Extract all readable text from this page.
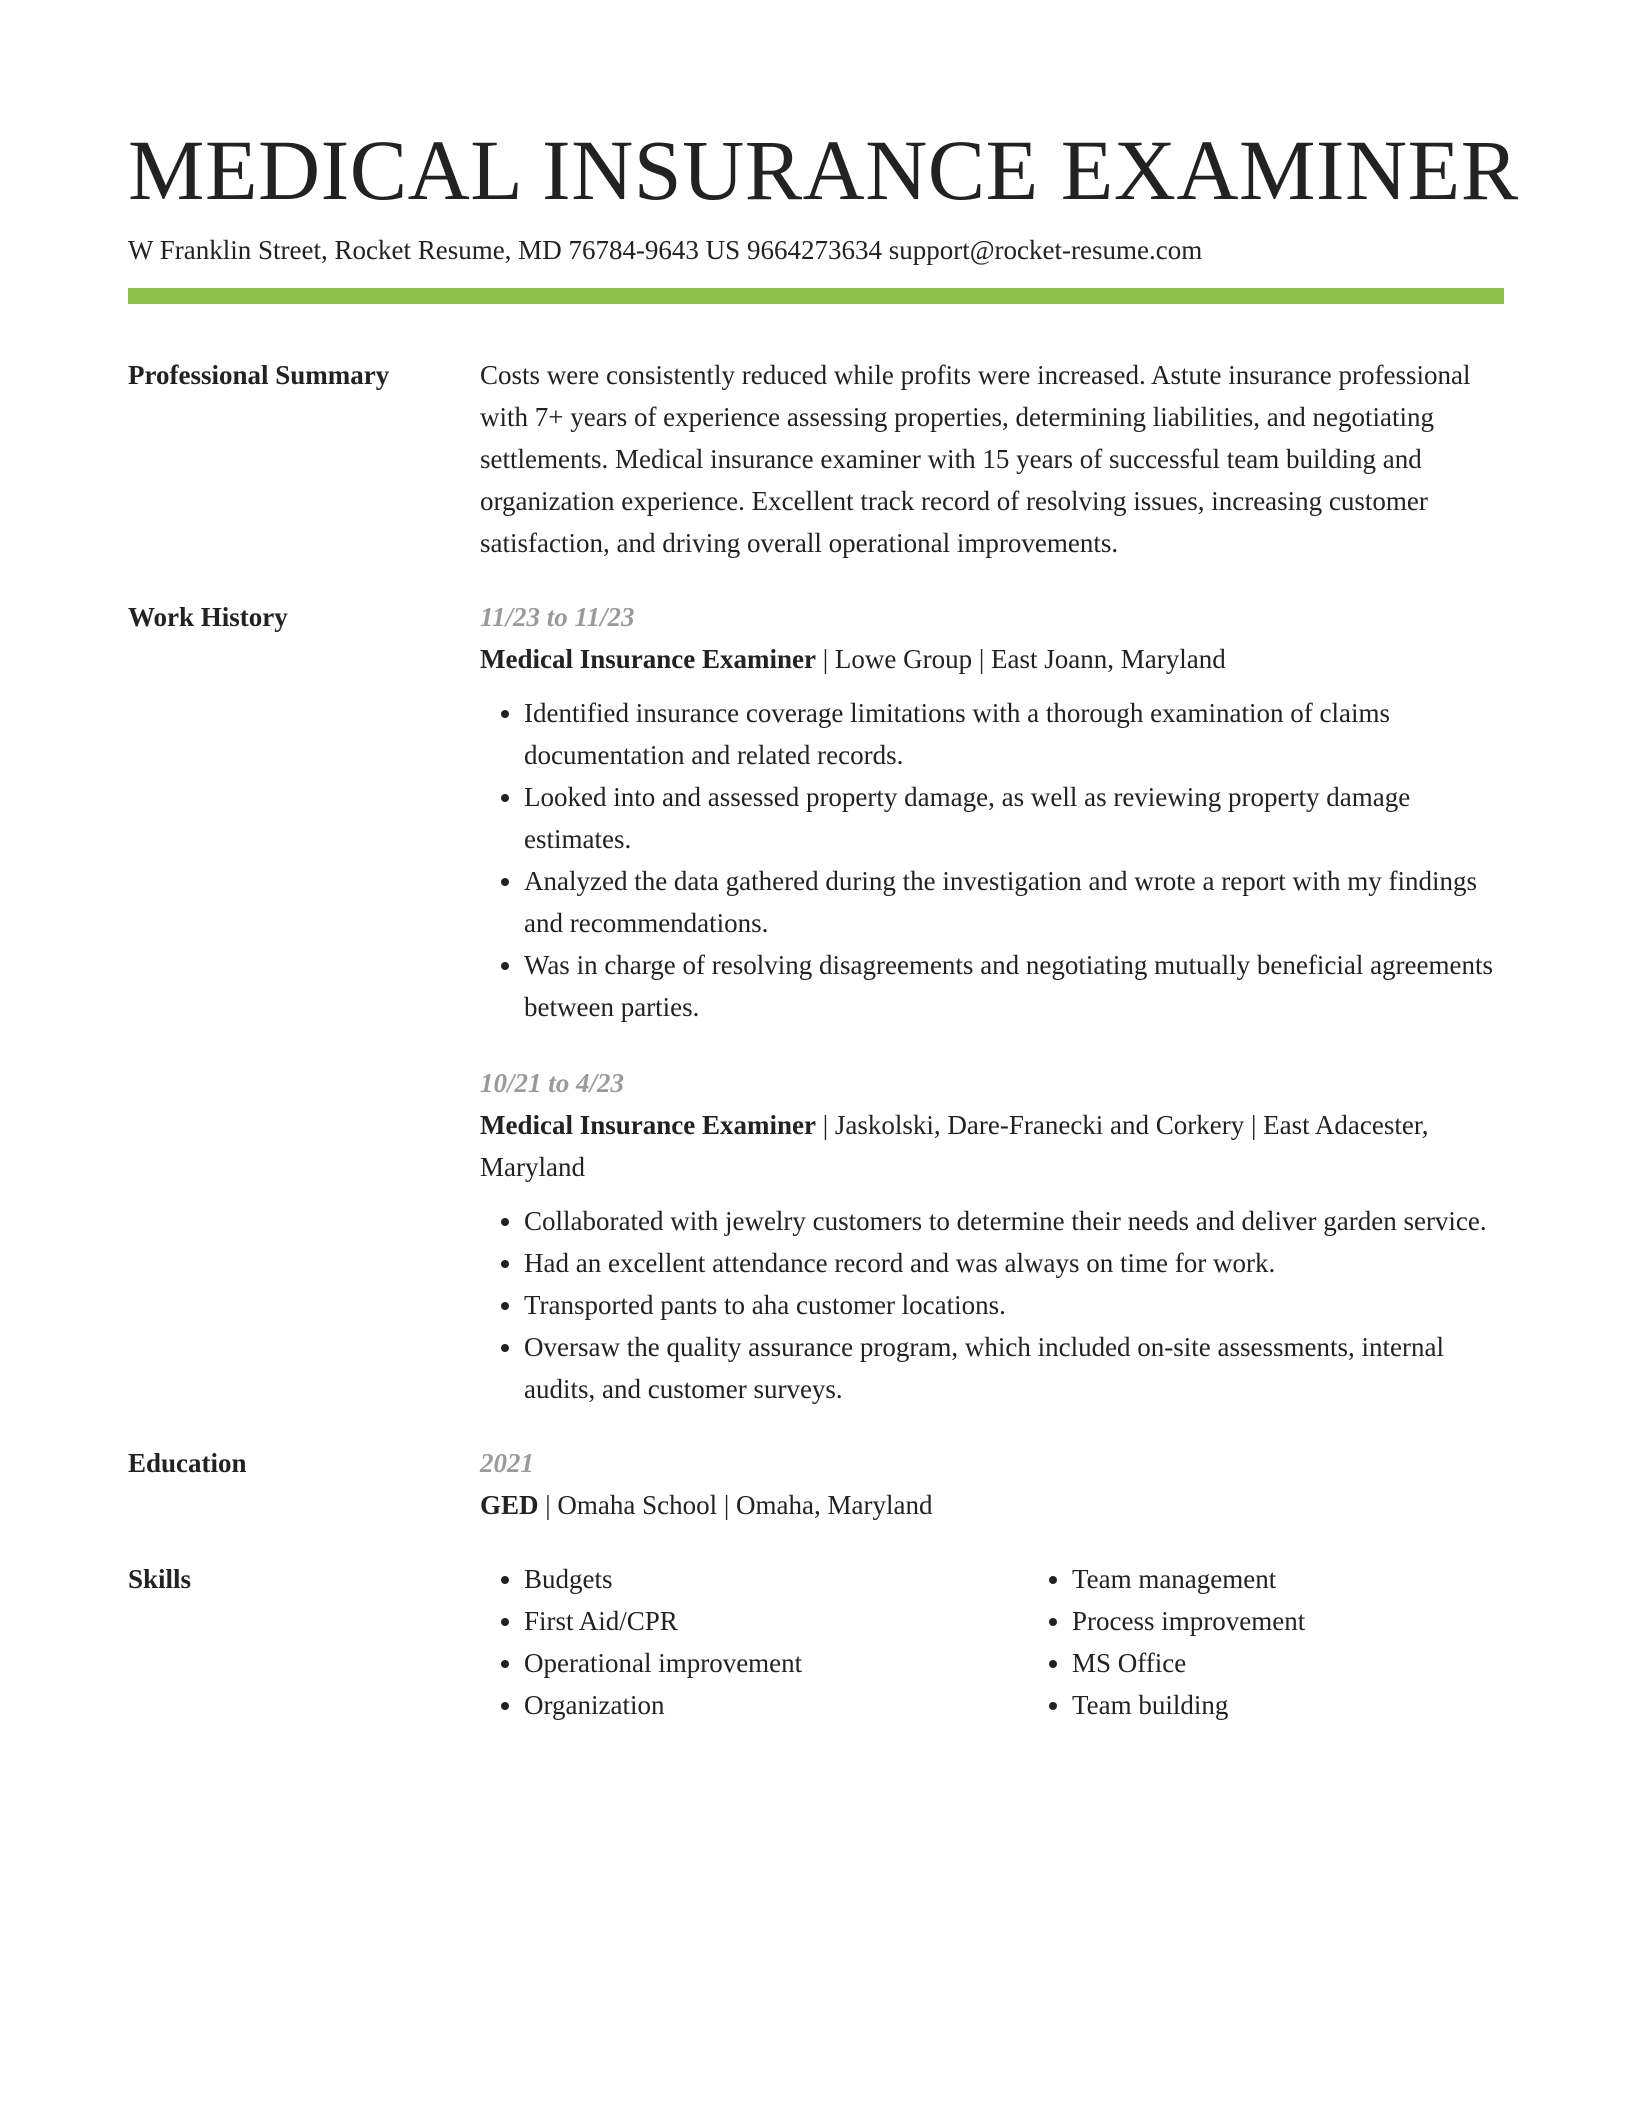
MEDICAL INSURANCE EXAMINER
W Franklin Street, Rocket Resume, MD 76784-9643 US 9664273634 support@rocket-resume.com
Professional Summary	Costs were consistently reduced while profits were increased. Astute insurance professional with 7+ years of experience assessing properties, determining liabilities, and negotiating settlements. Medical insurance examiner with 15 years of successful team building and organization experience. Excellent track record of resolving issues, increasing customer satisfaction, and driving overall operational improvements.
Work History	11/23 to 11/23
Medical Insurance Examiner | Lowe Group | East Joann, Maryland
• Identified insurance coverage limitations with a thorough examination of claims documentation and related records.
• Looked into and assessed property damage, as well as reviewing property damage estimates.
• Analyzed the data gathered during the investigation and wrote a report with my findings and recommendations.
• Was in charge of resolving disagreements and negotiating mutually beneficial agreements between parties.
10/21 to 4/23
Medical Insurance Examiner | Jaskolski, Dare-Franecki and Corkery | East Adacester, Maryland
• Collaborated with jewelry customers to determine their needs and deliver garden service.
• Had an excellent attendance record and was always on time for work.
• Transported pants to aha customer locations.
• Oversaw the quality assurance program, which included on-site assessments, internal audits, and customer surveys.
Education	2021
GED | Omaha School | Omaha, Maryland
Skills
•	Budgets
• First Aid/CPR
• Operational improvement
• Organization
• Team management
• Process improvement
• MS Office
• Team building
